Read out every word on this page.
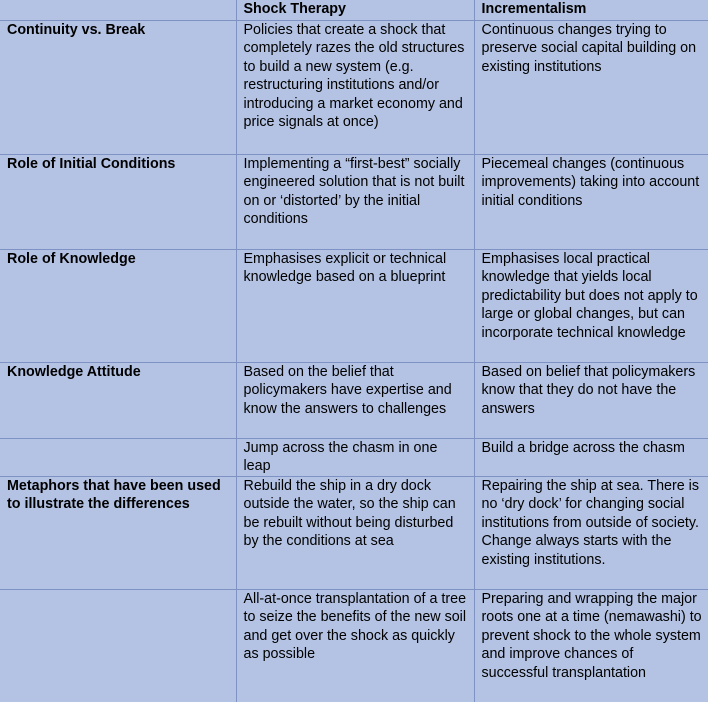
	Shock Therapy	Incrementalism
Continuity vs. Break	Policies that create a shock that completely razes the old structures to build a new system (e.g. restructuring institutions and/or introducing a market economy and price signals at once)	Continuous changes trying to preserve social capital building on existing institutions
Role of Initial Conditions	Implementing a “first-best” socially engineered solution that is not built on or ‘distorted’ by the initial conditions	Piecemeal changes (continuous improvements) taking into account initial conditions
Role of Knowledge	Emphasises explicit or technical knowledge based on a blueprint	Emphasises local practical knowledge that yields local predictability but does not apply to large or global changes, but can incorporate technical knowledge
Knowledge Attitude	Based on the belief that policymakers have expertise and know the answers to challenges	Based on belief that policymakers know that they do not have the answers
	Jump across the chasm in one leap	Build a bridge across the chasm
Metaphors that have been used to illustrate the differences	Rebuild the ship in a dry dock outside the water, so the ship can be rebuilt without being disturbed by the conditions at sea	Repairing the ship at sea. There is no ‘dry dock’ for changing social institutions from outside of society. Change always starts with the existing institutions.
	All-at-once transplantation of a tree to seize the benefits of the new soil and get over the shock as quickly as possible	Preparing and wrapping the major roots one at a time (nemawashi) to prevent shock to the whole system and improve chances of successful transplantation
